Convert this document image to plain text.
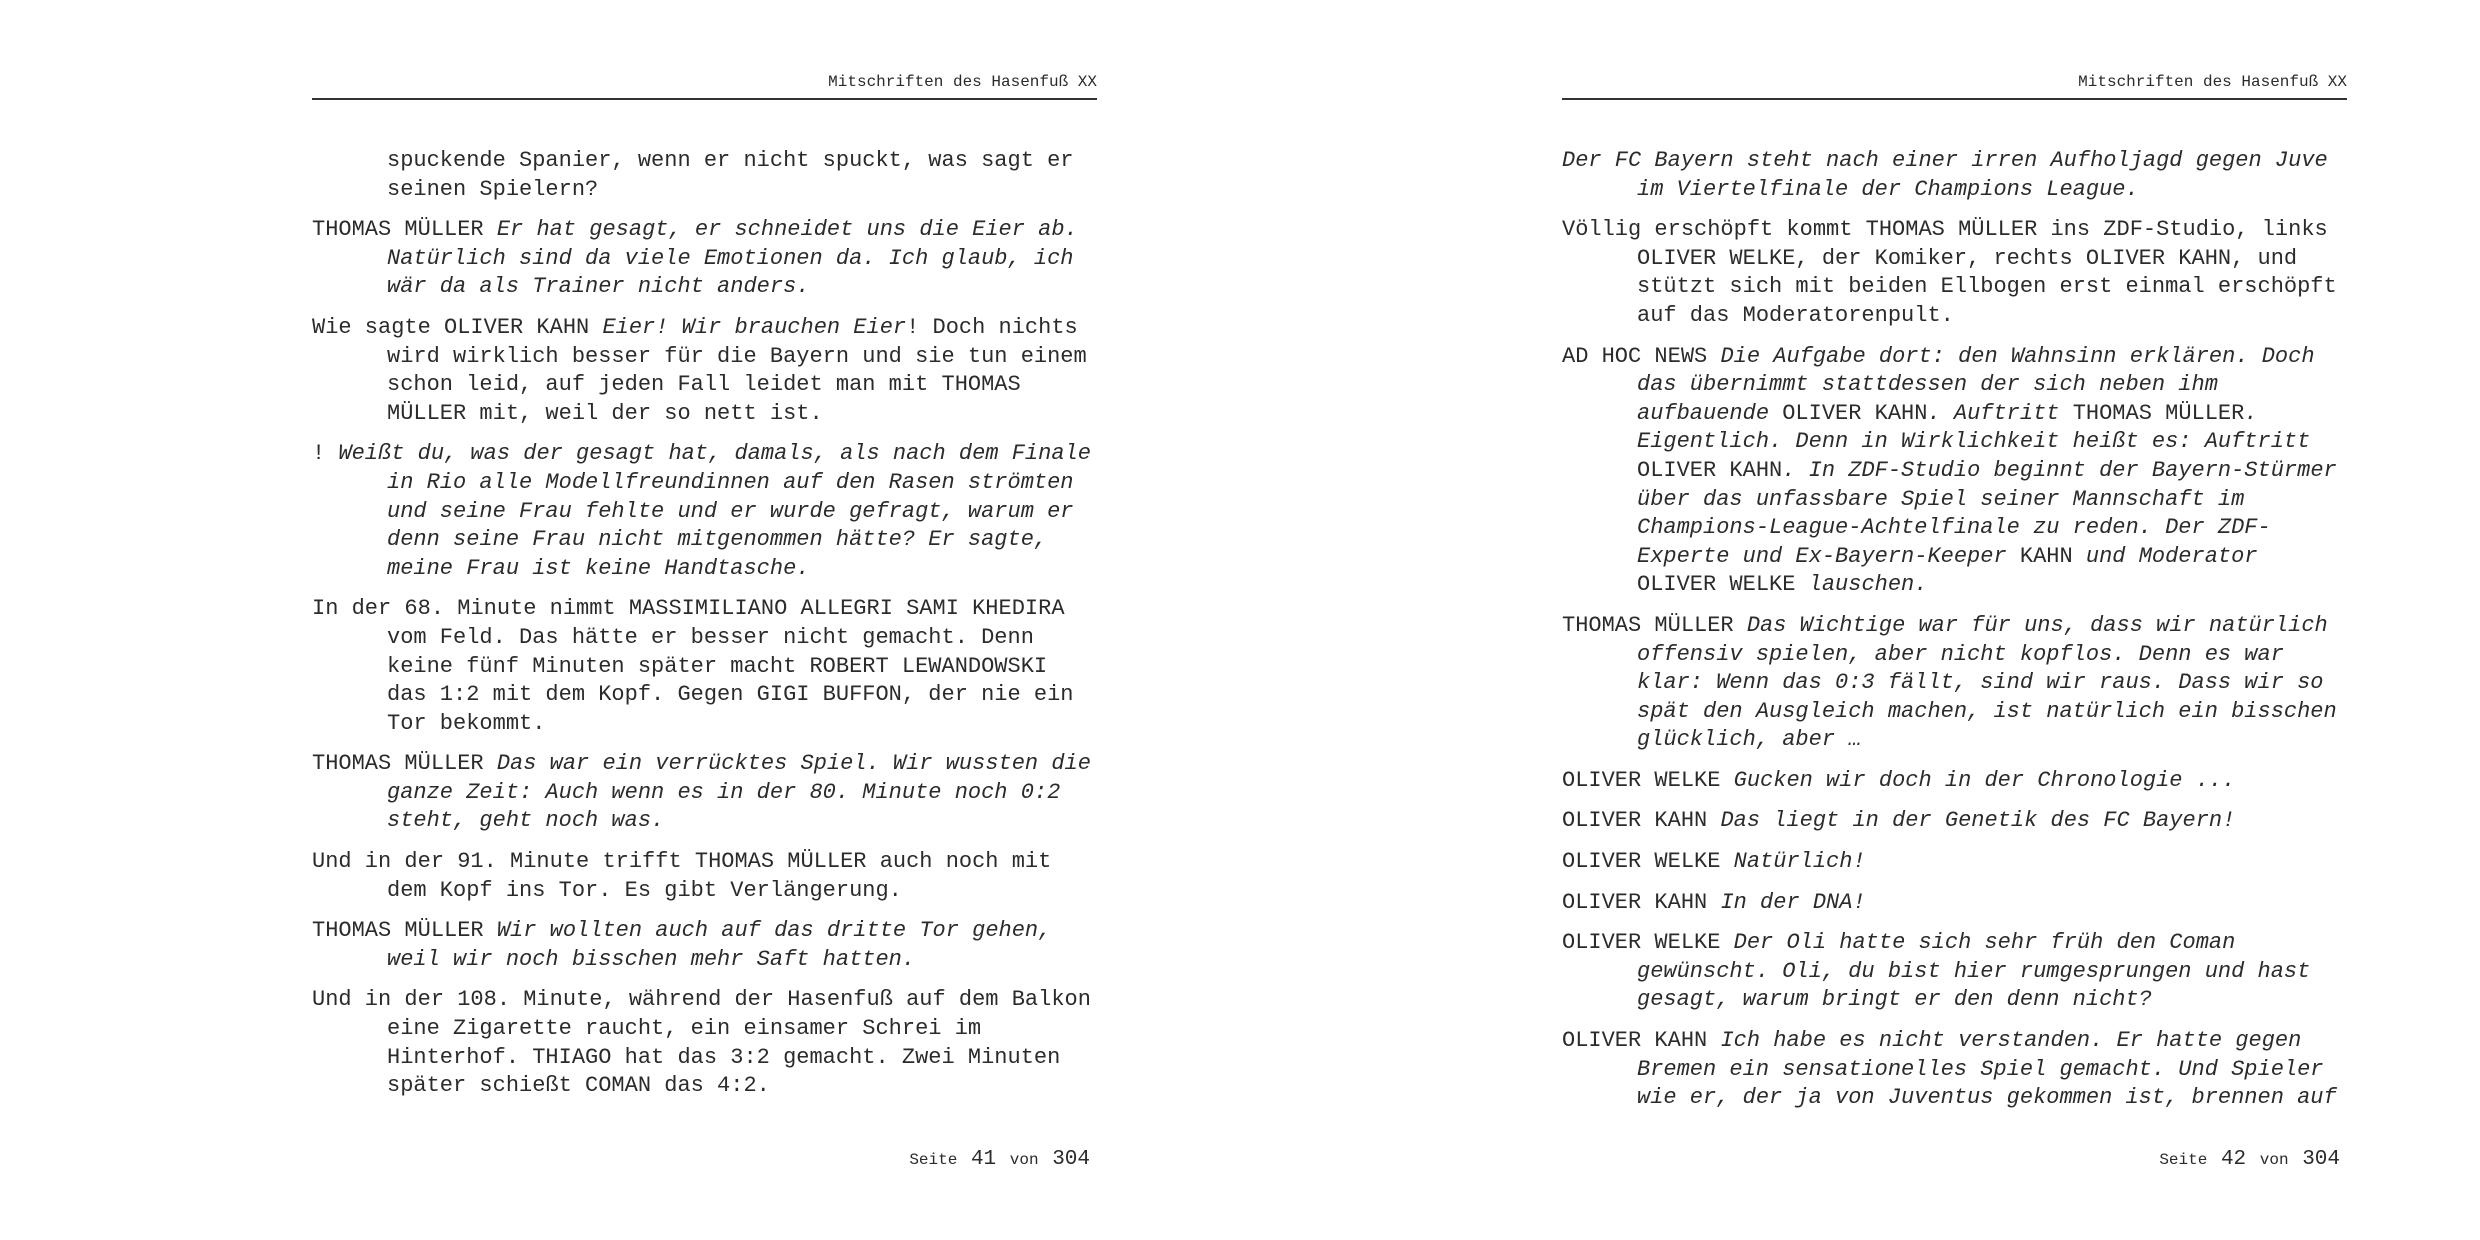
Mitschriften des Hasenfuß XX

spuckende Spanier, wenn er nicht spuckt, was sagt er seinen Spielern?

THOMAS MÜLLER Er hat gesagt, er schneidet uns die Eier ab. Natürlich sind da viele Emotionen da. Ich glaub, ich wär da als Trainer nicht anders.

Wie sagte OLIVER KAHN Eier! Wir brauchen Eier! Doch nichts wird wirklich besser für die Bayern und sie tun einem schon leid, auf jeden Fall leidet man mit THOMAS MÜLLER mit, weil der so nett ist.

! Weißt du, was der gesagt hat, damals, als nach dem Finale in Rio alle Modellfreundinnen auf den Rasen strömten und seine Frau fehlte und er wurde gefragt, warum er denn seine Frau nicht mitgenommen hätte? Er sagte, meine Frau ist keine Handtasche.

In der 68. Minute nimmt MASSIMILIANO ALLEGRI SAMI KHEDIRA vom Feld. Das hätte er besser nicht gemacht. Denn keine fünf Minuten später macht ROBERT LEWANDOWSKI das 1:2 mit dem Kopf. Gegen GIGI BUFFON, der nie ein Tor bekommt.

THOMAS MÜLLER Das war ein verrücktes Spiel. Wir wussten die ganze Zeit: Auch wenn es in der 80. Minute noch 0:2 steht, geht noch was.

Und in der 91. Minute trifft THOMAS MÜLLER auch noch mit dem Kopf ins Tor. Es gibt Verlängerung.

THOMAS MÜLLER Wir wollten auch auf das dritte Tor gehen, weil wir noch bisschen mehr Saft hatten.

Und in der 108. Minute, während der Hasenfuß auf dem Balkon eine Zigarette raucht, ein einsamer Schrei im Hinterhof. THIAGO hat das 3:2 gemacht. Zwei Minuten später schießt COMAN das 4:2.

Seite 41 von 304
Mitschriften des Hasenfuß XX

Der FC Bayern steht nach einer irren Aufholjagd gegen Juve im Viertelfinale der Champions League.

Völlig erschöpft kommt THOMAS MÜLLER ins ZDF-Studio, links OLIVER WELKE, der Komiker, rechts OLIVER KAHN, und stützt sich mit beiden Ellbogen erst einmal erschöpft auf das Moderatorenpult.

AD HOC NEWS Die Aufgabe dort: den Wahnsinn erklären. Doch das übernimmt stattdessen der sich neben ihm aufbauende OLIVER KAHN. Auftritt THOMAS MÜLLER. Eigentlich. Denn in Wirklichkeit heißt es: Auftritt OLIVER KAHN. In ZDF-Studio beginnt der Bayern-Stürmer über das unfassbare Spiel seiner Mannschaft im Champions-League-Achtelfinale zu reden. Der ZDF-Experte und Ex-Bayern-Keeper KAHN und Moderator OLIVER WELKE lauschen.

THOMAS MÜLLER Das Wichtige war für uns, dass wir natürlich offensiv spielen, aber nicht kopflos. Denn es war klar: Wenn das 0:3 fällt, sind wir raus. Dass wir so spät den Ausgleich machen, ist natürlich ein bisschen glücklich, aber …

OLIVER WELKE Gucken wir doch in der Chronologie ...

OLIVER KAHN Das liegt in der Genetik des FC Bayern!

OLIVER WELKE Natürlich!

OLIVER KAHN In der DNA!

OLIVER WELKE Der Oli hatte sich sehr früh den Coman gewünscht. Oli, du bist hier rumgesprungen und hast gesagt, warum bringt er den denn nicht?

OLIVER KAHN Ich habe es nicht verstanden. Er hatte gegen Bremen ein sensationelles Spiel gemacht. Und Spieler wie er, der ja von Juventus gekommen ist, brennen auf

Seite 42 von 304
